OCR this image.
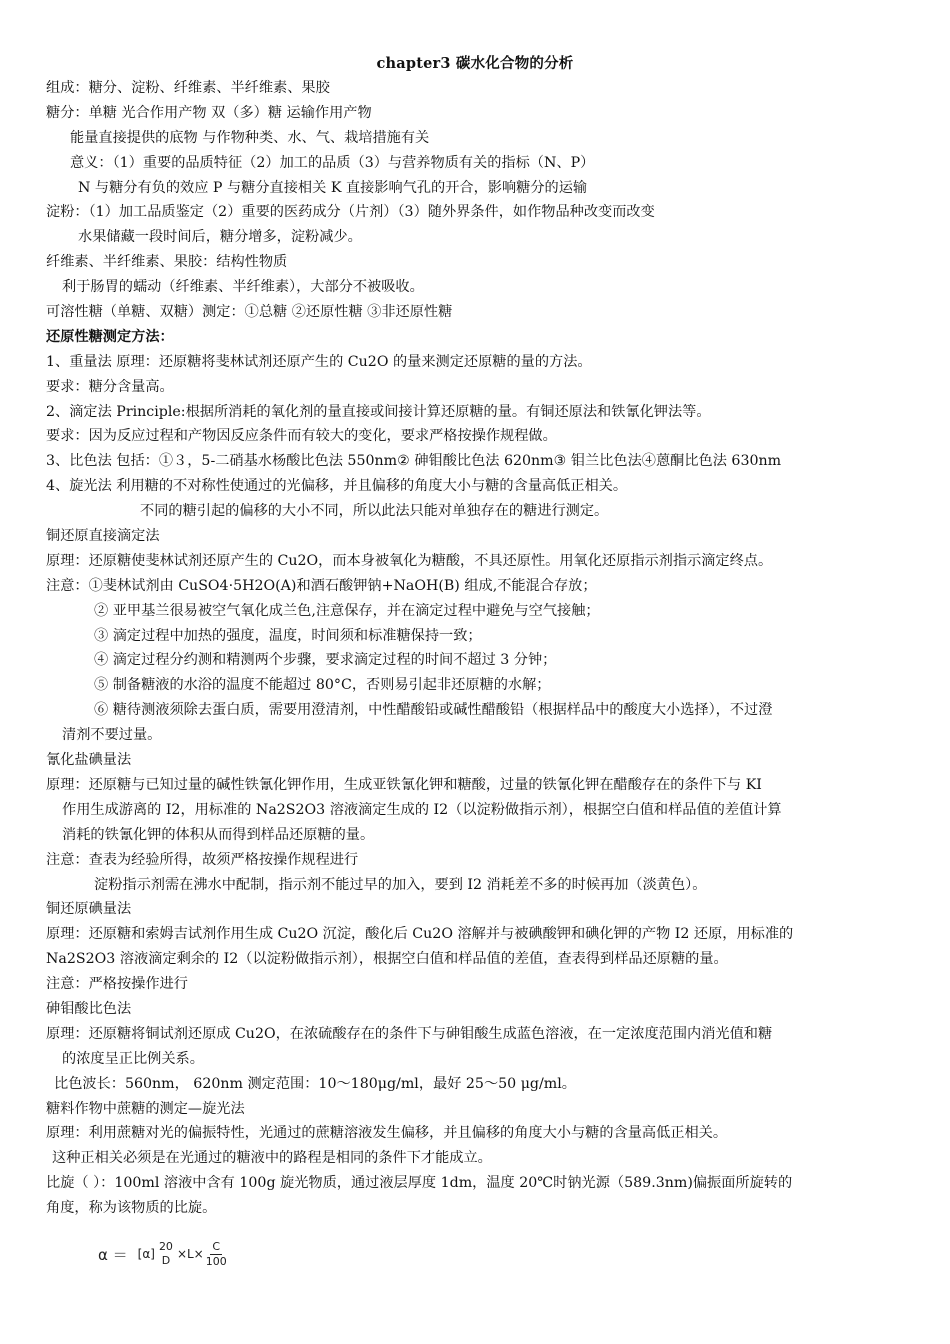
chapter3 碳水化合物的分析
组成：糖分、淀粉、纤维素、半纤维素、果胶
糖分：单糖 光合作用产物 双（多）糖 运输作用产物
能量直接提供的底物 与作物种类、水、气、栽培措施有关
意义：（1）重要的品质特征（2）加工的品质（3）与营养物质有关的指标（N、P）
N 与糖分有负的效应 P 与糖分直接相关 K 直接影响气孔的开合，影响糖分的运输
淀粉：（1）加工品质鉴定（2）重要的医药成分（片剂）（3）随外界条件，如作物品种改变而改变
水果储藏一段时间后，糖分增多，淀粉减少。
纤维素、半纤维素、果胶：结构性物质
利于肠胃的蠕动（纤维素、半纤维素），大部分不被吸收。
可溶性糖（单糖、双糖）测定：①总糖 ②还原性糖 ③非还原性糖
还原性糖测定方法：
1、重量法 原理：还原糖将斐林试剂还原产生的 Cu2O 的量来测定还原糖的量的方法。
要求：糖分含量高。
2、滴定法 Principle:根据所消耗的氧化剂的量直接或间接计算还原糖的量。有铜还原法和铁氰化钾法等。
要求：因为反应过程和产物因反应条件而有较大的变化，要求严格按操作规程做。
3、比色法 包括：①３，5-二硝基水杨酸比色法 550nm② 砷钼酸比色法 620nm③ 钼兰比色法④蒽酮比色法 630nm
4、旋光法 利用糖的不对称性使通过的光偏移，并且偏移的角度大小与糖的含量高低正相关。
不同的糖引起的偏移的大小不同，所以此法只能对单独存在的糖进行测定。
铜还原直接滴定法
原理：还原糖使斐林试剂还原产生的 Cu2O，而本身被氧化为糖酸，不具还原性。用氧化还原指示剂指示滴定终点。
注意：①斐林试剂由 CuSO4·5H2O(A)和酒石酸钾钠+NaOH(B) 组成,不能混合存放；
② 亚甲基兰很易被空气氧化成兰色,注意保存，并在滴定过程中避免与空气接触；
③ 滴定过程中加热的强度，温度，时间须和标准糖保持一致；
④ 滴定过程分约测和精测两个步骤，要求滴定过程的时间不超过 3 分钟；
⑤ 制备糖液的水浴的温度不能超过 80°C，否则易引起非还原糖的水解；
⑥ 糖待测液须除去蛋白质，需要用澄清剂，中性醋酸铅或碱性醋酸铅（根据样品中的酸度大小选择），不过澄
清剂不要过量。
氰化盐碘量法
原理：还原糖与已知过量的碱性铁氰化钾作用，生成亚铁氰化钾和糖酸，过量的铁氰化钾在醋酸存在的条件下与 KI
作用生成游离的 I2，用标准的 Na2S2O3 溶液滴定生成的 I2（以淀粉做指示剂），根据空白值和样品值的差值计算
消耗的铁氰化钾的体积从而得到样品还原糖的量。
注意：查表为经验所得，故须严格按操作规程进行
淀粉指示剂需在沸水中配制，指示剂不能过早的加入，要到 I2 消耗差不多的时候再加（淡黄色）。
铜还原碘量法
原理：还原糖和索姆吉试剂作用生成 Cu2O 沉淀，酸化后 Cu2O 溶解并与被碘酸钾和碘化钾的产物 I2 还原，用标准的
Na2S2O3 溶液滴定剩余的 I2（以淀粉做指示剂），根据空白值和样品值的差值，查表得到样品还原糖的量。
注意：严格按操作进行
砷钼酸比色法
原理：还原糖将铜试剂还原成 Cu2O，在浓硫酸存在的条件下与砷钼酸生成蓝色溶液，在一定浓度范围内消光值和糖
的浓度呈正比例关系。
比色波长：560nm， 620nm 测定范围：10～180μg/ml，最好 25～50 μg/ml。
糖料作物中蔗糖的测定—旋光法
原理：利用蔗糖对光的偏振特性，光通过的蔗糖溶液发生偏移，并且偏移的角度大小与糖的含量高低正相关。
这种正相关必须是在光通过的糖液中的路程是相同的条件下才能成立。
比旋（ ）：100ml 溶液中含有 100g 旋光物质，通过液层厚度 1dm，温度 20℃时钠光源（589.3nm)偏振面所旋转的
角度，称为该物质的比旋。
α ＝ [α]
20
$D \times L\times \frac{C}{100}$
